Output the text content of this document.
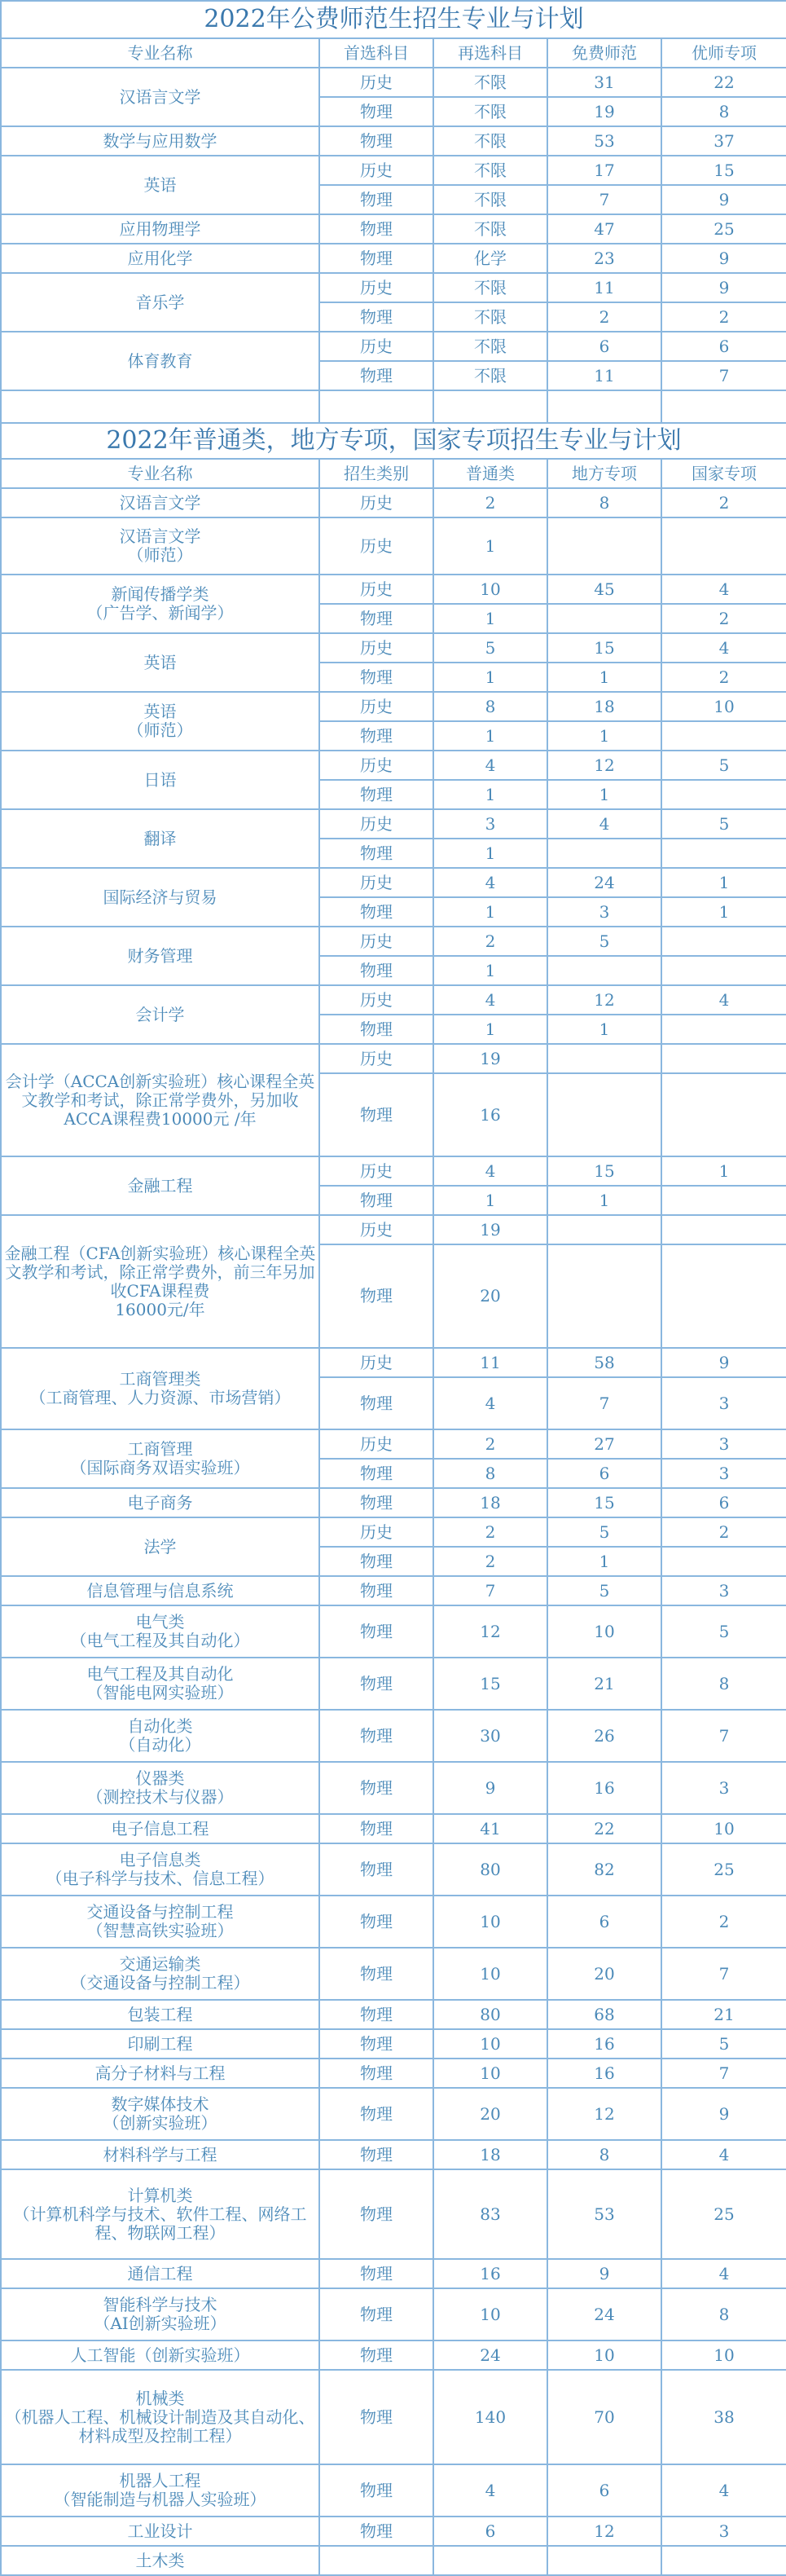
2022年公费师范生招生专业与计划				
专业名称	首选科目	再选科目	免费师范	优师专项
汉语言文学	历史	不限	31	22
	物理	不限	19	8
数学与应用数学	物理	不限	53	37
英语	历史	不限	17	15
	物理	不限	7	9
应用物理学	物理	不限	47	25
应用化学	物理	化学	23	9
音乐学	历史	不限	11	9
	物理	不限	2	2
体育教育	历史	不限	6	6
	物理	不限	11	7

2022年普通类，地方专项，国家专项招生专业与计划				
专业名称	招生类别	普通类	地方专项	国家专项
汉语言文学	历史	2	8	2
汉语言文学
（师范）	历史	1		
新闻传播学类
（广告学、新闻学）	历史	10	45	4
	物理	1		2
英语	历史	5	15	4
	物理	1	1	2
英语
（师范）	历史	8	18	10
	物理	1	1	
日语	历史	4	12	5
	物理	1	1	
翻译	历史	3	4	5
	物理	1		
国际经济与贸易	历史	4	24	1
	物理	1	3	1
财务管理	历史	2	5	
	物理	1		
会计学	历史	4	12	4
	物理	1	1	
会计学（ACCA创新实验班）核心课程全英文教学和考试，除正常学费外，另加收ACCA课程费10000元 /年	历史	19		
	物理	16		
金融工程	历史	4	15	1
	物理	1	1	
金融工程（CFA创新实验班）核心课程全英文教学和考试，除正常学费外，前三年另加收CFA课程费
16000元/年	历史	19		
	物理	20		
工商管理类
（工商管理、人力资源、市场营销）	历史	11	58	9
	物理	4	7	3
工商管理
（国际商务双语实验班）	历史	2	27	3
	物理	8	6	3
电子商务	物理	18	15	6
法学	历史	2	5	2
	物理	2	1	
信息管理与信息系统	物理	7	5	3
电气类
（电气工程及其自动化）	物理	12	10	5
电气工程及其自动化
（智能电网实验班）	物理	15	21	8
自动化类
（自动化）	物理	30	26	7
仪器类
（测控技术与仪器）	物理	9	16	3
电子信息工程	物理	41	22	10
电子信息类
（电子科学与技术、信息工程）	物理	80	82	25
交通设备与控制工程
（智慧高铁实验班）	物理	10	6	2
交通运输类
（交通设备与控制工程）	物理	10	20	7
包装工程	物理	80	68	21
印刷工程	物理	10	16	5
高分子材料与工程	物理	10	16	7
数字媒体技术
（创新实验班）	物理	20	12	9
材料科学与工程	物理	18	8	4
计算机类
（计算机科学与技术、软件工程、网络工程、物联网工程）	物理	83	53	25
通信工程	物理	16	9	4
智能科学与技术
（AI创新实验班）	物理	10	24	8
人工智能（创新实验班）	物理	24	10	10
机械类
（机器人工程、机械设计制造及其自动化、材料成型及控制工程）	物理	140	70	38
机器人工程
（智能制造与机器人实验班）	物理	4	6	4
工业设计	物理	6	12	3
土木类				
